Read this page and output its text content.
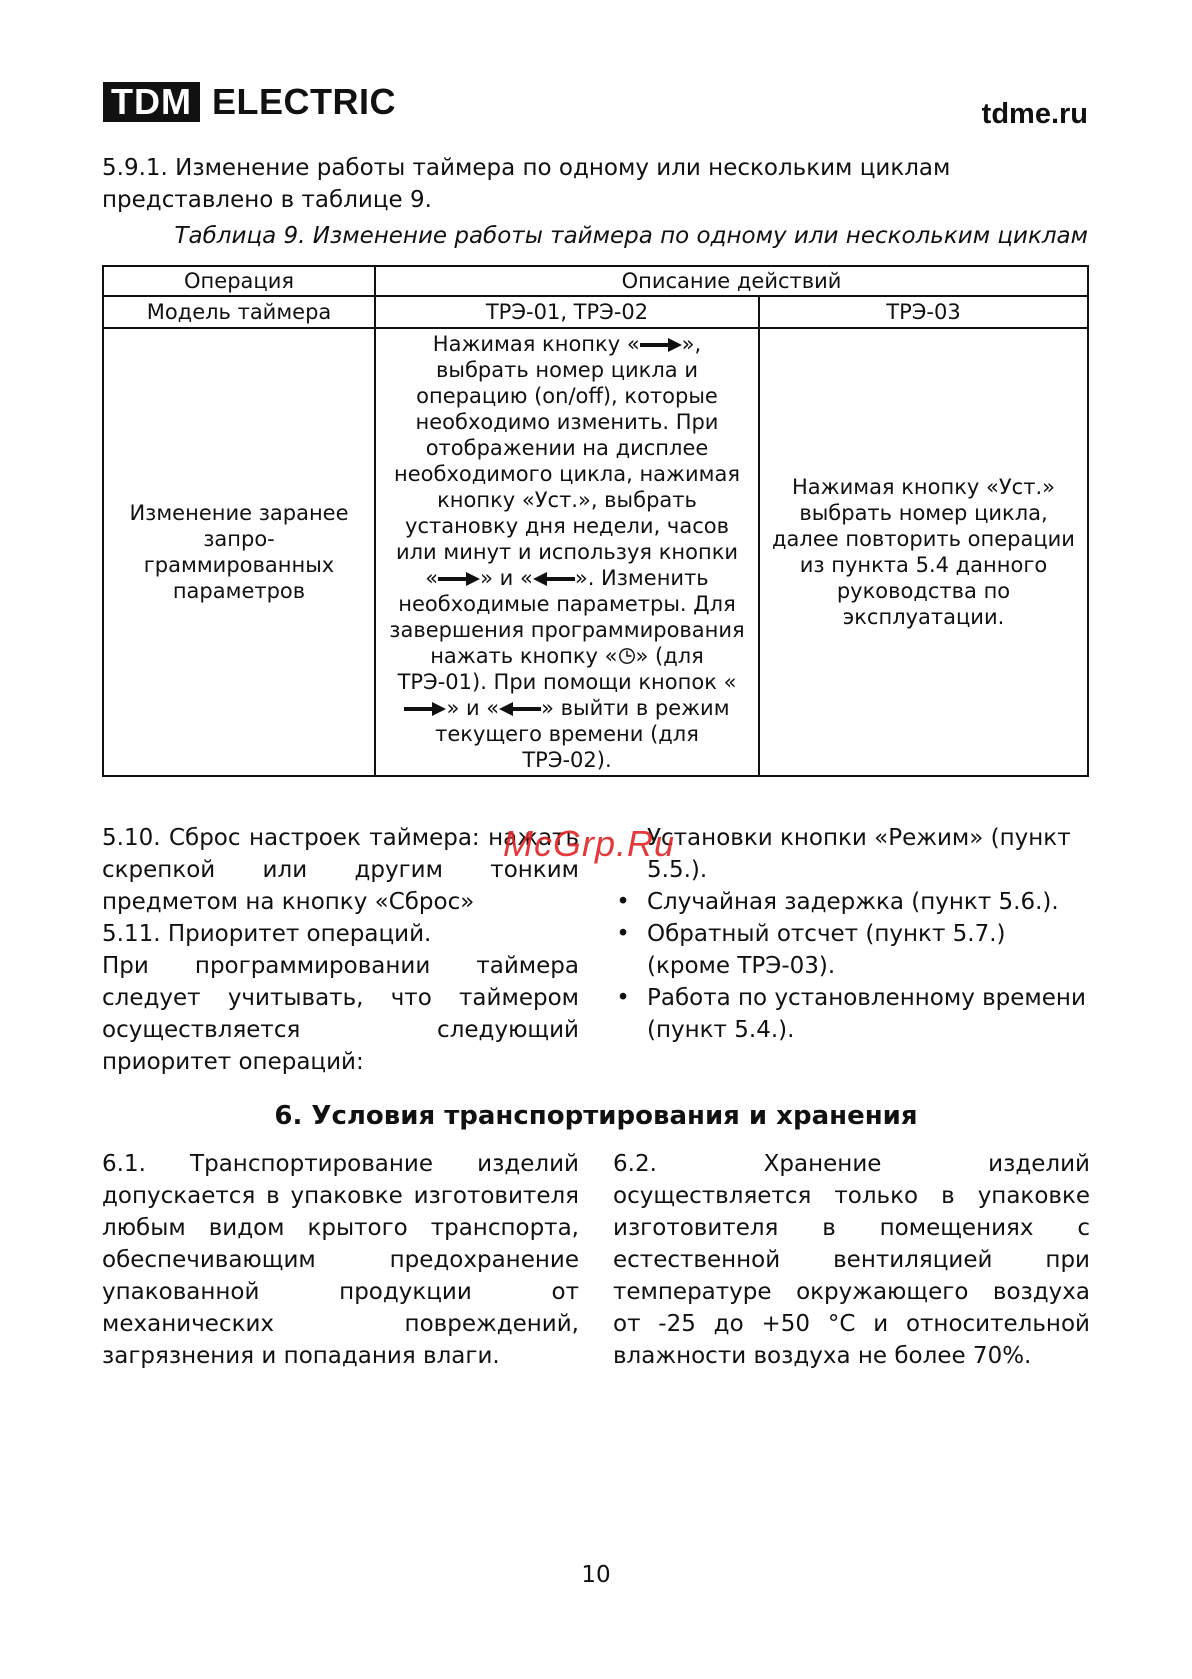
TDM ELECTRIC	tdme.ru
5.9.1. Изменение работы таймера по одному или нескольким циклам представлено в таблице 9.
Таблица 9. Изменение работы таймера по одному или нескольким циклам
Операция	Описание действий	
Модель таймера	ТРЭ-01, ТРЭ-02	ТРЭ-03
Изменение заранее запро-граммированных параметров	Нажимая кнопку « », выбрать номер цикла и операцию (on/off), которые необходимо изменить. При отображении на дисплее необходимого цикла, нажимая кнопку «Уст.», выбрать установку дня недели, часов или минут и используя кнопки « » и « ». Изменить необходимые параметры. Для завершения программирования нажать кнопку « » (для ТРЭ-01). При помощи кнопок «» и « » выйти в режим текущего времени (для ТРЭ-02).	Нажимая кнопку «Уст.» выбрать номер цикла, далее повторить операции из пункта 5.4 данного руководства по эксплуатации.
5.10. Сброс настроек таймера: нажать скрепкой или другим тонким предметом на кнопку «Сброс»
5.11. Приоритет операций.
При программировании таймера следует учитывать, что таймером осуществляется следующий приоритет операций:
Установки кнопки «Режим» (пункт 5.5.).
• Случайная задержка (пункт 5.6.).
• Обратный отсчет (пункт 5.7.) (кроме ТРЭ-03).
• Работа по установленному времени (пункт 5.4.).
McGrp.Ru
6. Условия транспортирования и хранения
6.1. Транспортирование изделий допускается в упаковке изготовителя любым видом крытого транспорта, обеспечивающим предохранение упакованной продукции от механических повреждений, загрязнения и попадания влаги.
6.2. Хранение изделий осуществляется только в упаковке изготовителя в помещениях с естественной вентиляцией при температуре окружающего воздуха от -25 до +50 °С и относительной влажности воздуха не более 70%.
10
